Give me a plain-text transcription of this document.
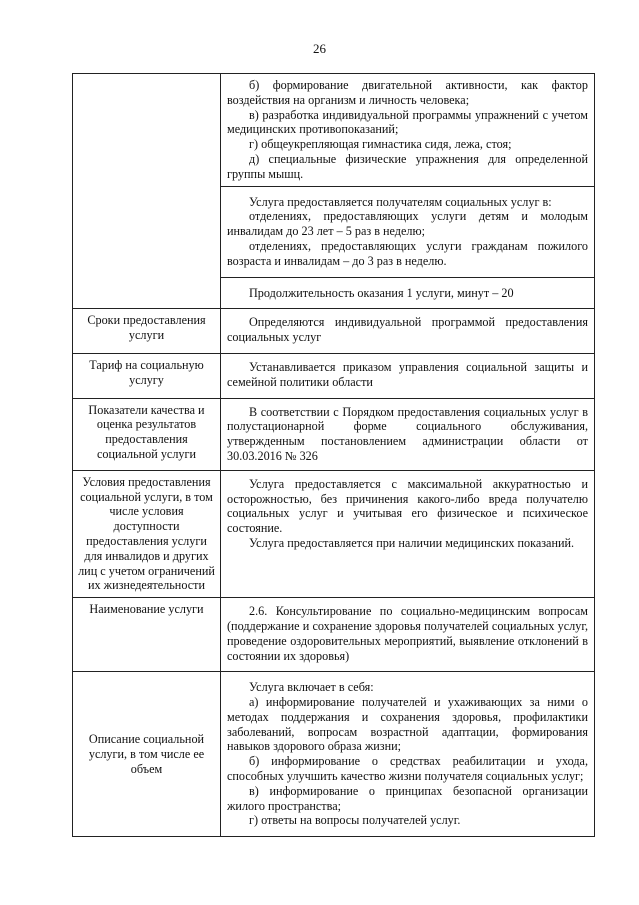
26

	б) формирование двигательной активности, как фактор воздействия на организм и личность человека;

в) разработка индивидуальной программы упражнений с учетом медицинских противопоказаний;

г) общеукрепляющая гимнастика сидя, лежа, стоя;

д) специальные физические упражнения для определенной группы мышц.

	Услуга предоставляется получателям социальных услуг в:

отделениях, предоставляющих услуги детям и молодым инвалидам до 23 лет – 5 раз в неделю;

отделениях, предоставляющих услуги гражданам пожилого возраста и инвалидам – до 3 раз в неделю.

	Продолжительность оказания 1 услуги, минут – 20

Сроки предоставления услуги	Определяются индивидуальной программой предоставления социальных услуг

Тариф на социальную услугу	Устанавливается приказом управления социальной защиты и семейной политики области

Показатели качества и оценка результатов предоставления социальной услуги	В соответствии с Порядком предоставления социальных услуг в полустационарной форме социального обслуживания, утвержденным постановлением администрации области от 30.03.2016 № 326

Условия предоставления социальной услуги, в том числе условия доступности предоставления услуги для инвалидов и других лиц с учетом ограничений их жизнедеятельности	Услуга предоставляется с максимальной аккуратностью и осторожностью, без причинения какого-либо вреда получателю социальных услуг и учитывая его физическое и психическое состояние.

Услуга предоставляется при наличии медицинских показаний.

Наименование услуги	2.6. Консультирование по социально-медицинским вопросам (поддержание и сохранение здоровья получателей социальных услуг, проведение оздоровительных мероприятий, выявление отклонений в состоянии их здоровья)

Описание социальной услуги, в том числе ее объем	Услуга включает в себя:

а) информирование получателей и ухаживающих за ними о методах поддержания и сохранения здоровья, профилактики заболеваний, вопросам возрастной адаптации, формирования навыков здорового образа жизни;

б) информирование о средствах реабилитации и ухода, способных улучшить качество жизни получателя социальных услуг;

в) информирование о принципах безопасной организации жилого пространства;

г) ответы на вопросы получателей услуг.
